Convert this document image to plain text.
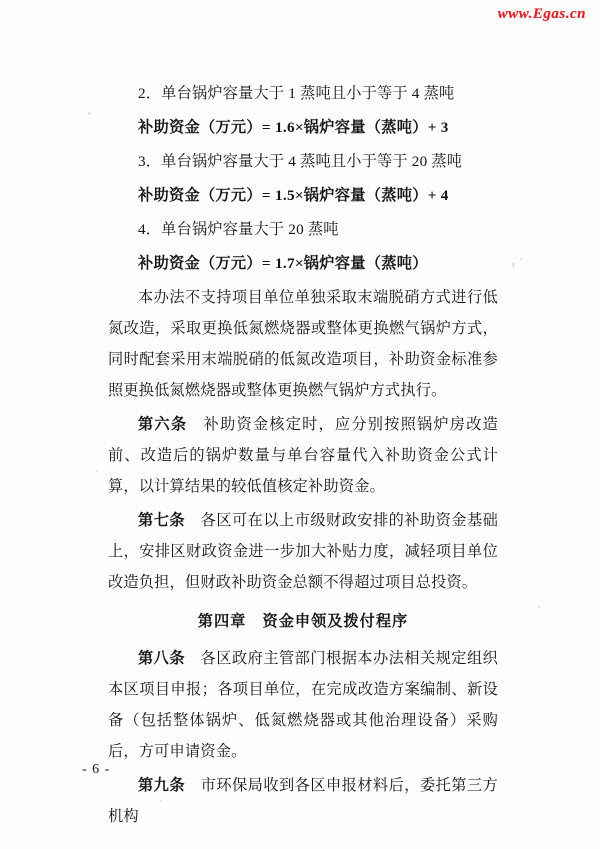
www.Egas.cn

2．单台锅炉容量大于 1 蒸吨且小于等于 4 蒸吨

补助资金（万元）= 1.6×锅炉容量（蒸吨）+ 3

3．单台锅炉容量大于 4 蒸吨且小于等于 20 蒸吨

补助资金（万元）= 1.5×锅炉容量（蒸吨）+ 4

4．单台锅炉容量大于 20 蒸吨

补助资金（万元）= 1.7×锅炉容量（蒸吨）

本办法不支持项目单位单独采取末端脱硝方式进行低氮改造，采取更换低氮燃烧器或整体更换燃气锅炉方式，同时配套采用末端脱硝的低氮改造项目，补助资金标准参照更换低氮燃烧器或整体更换燃气锅炉方式执行。

第六条　 补助资金核定时，应分别按照锅炉房改造前、改造后的锅炉数量与单台容量代入补助资金公式计算，以计算结果的较低值核定补助资金。

第七条　 各区可在以上市级财政安排的补助资金基础上，安排区财政资金进一步加大补贴力度，减轻项目单位改造负担，但财政补助资金总额不得超过项目总投资。

第四章　资金申领及拨付程序

第八条　 各区政府主管部门根据本办法相关规定组织本区项目申报；各项目单位，在完成改造方案编制、新设备（包括整体锅炉、低氮燃烧器或其他治理设备）采购后，方可申请资金。

第九条　 市环保局收到各区申报材料后，委托第三方机构

- 6 -
